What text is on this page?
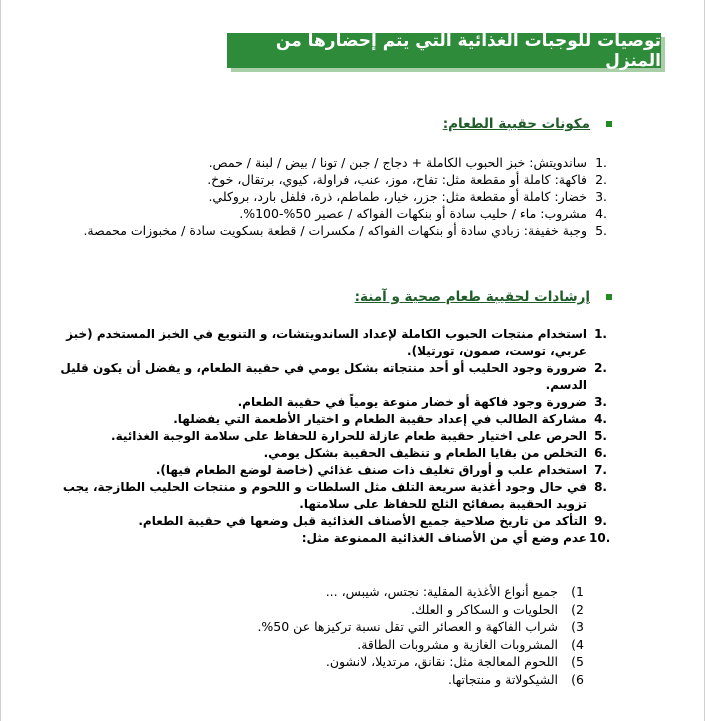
توصيات للوجبات الغذائية التي يتم إحضارها من المنزل
مكونات حقيبة الطعام:
1.
ساندويتش: خبز الحبوب الكاملة + دجاج / جبن / تونا / بيض / لبنة / حمص.
2.
فاكهة: كاملة أو مقطعة مثل: تفاح، موز، عنب، فراولة، كيوي، برتقال، خوخ.
3.
خضار: كاملة أو مقطعة مثل: جزر، خيار، طماطم، ذرة، فلفل بارد، بروكلي.
4.
مشروب: ماء / حليب سادة أو بنكهات الفواكه / عصير 50%-100%.
5.
وجبة خفيفة: زبادي سادة أو بنكهات الفواكه / مكسرات / قطعة بسكويت سادة / مخبوزات محمصة.
إرشادات لحقيبة طعام صحية و آمنة:
1.
استخدام منتجات الحبوب الكاملة لإعداد الساندويتشات، و التنويع في الخبز المستخدم (خبز عربي، توست، صمون، تورتيلا).
2.
ضرورة وجود الحليب أو أحد منتجاته بشكل يومي في حقيبة الطعام، و يفضل أن يكون قليل الدسم.
3.
ضرورة وجود فاكهة أو خضار منوعة يومياً في حقيبة الطعام.
4.
مشاركة الطالب في إعداد حقيبة الطعام و اختيار الأطعمة التي يفضلها.
5.
الحرص على اختيار حقيبة طعام عازلة للحرارة للحفاظ على سلامة الوجبة الغذائية.
6.
التخلص من بقايا الطعام و تنظيف الحقيبة بشكل يومي.
7.
استخدام علب و أوراق تغليف ذات صنف غذائي (خاصة لوضع الطعام فيها).
8.
في حال وجود أغذية سريعة التلف مثل السلطات و اللحوم و منتجات الحليب الطازجة، يجب تزويد الحقيبة بصفائح الثلج للحفاظ على سلامتها.
9.
التأكد من تاريخ صلاحية جميع الأصناف الغذائية قبل وضعها في حقيبة الطعام.
10.
عدم وضع أي من الأصناف الغذائية الممنوعة مثل:
(1
جميع أنواع الأغذية المقلية: نجتس، شيبس، ...
(2
الحلويات و السكاكر و العلك.
(3
شراب الفاكهة و العصائر التي تقل نسبة تركيزها عن 50%.
(4
المشروبات الغازية و مشروبات الطاقة.
(5
اللحوم المعالجة مثل: نقانق، مرتديلا، لانشون.
(6
الشيكولاتة و منتجاتها.
